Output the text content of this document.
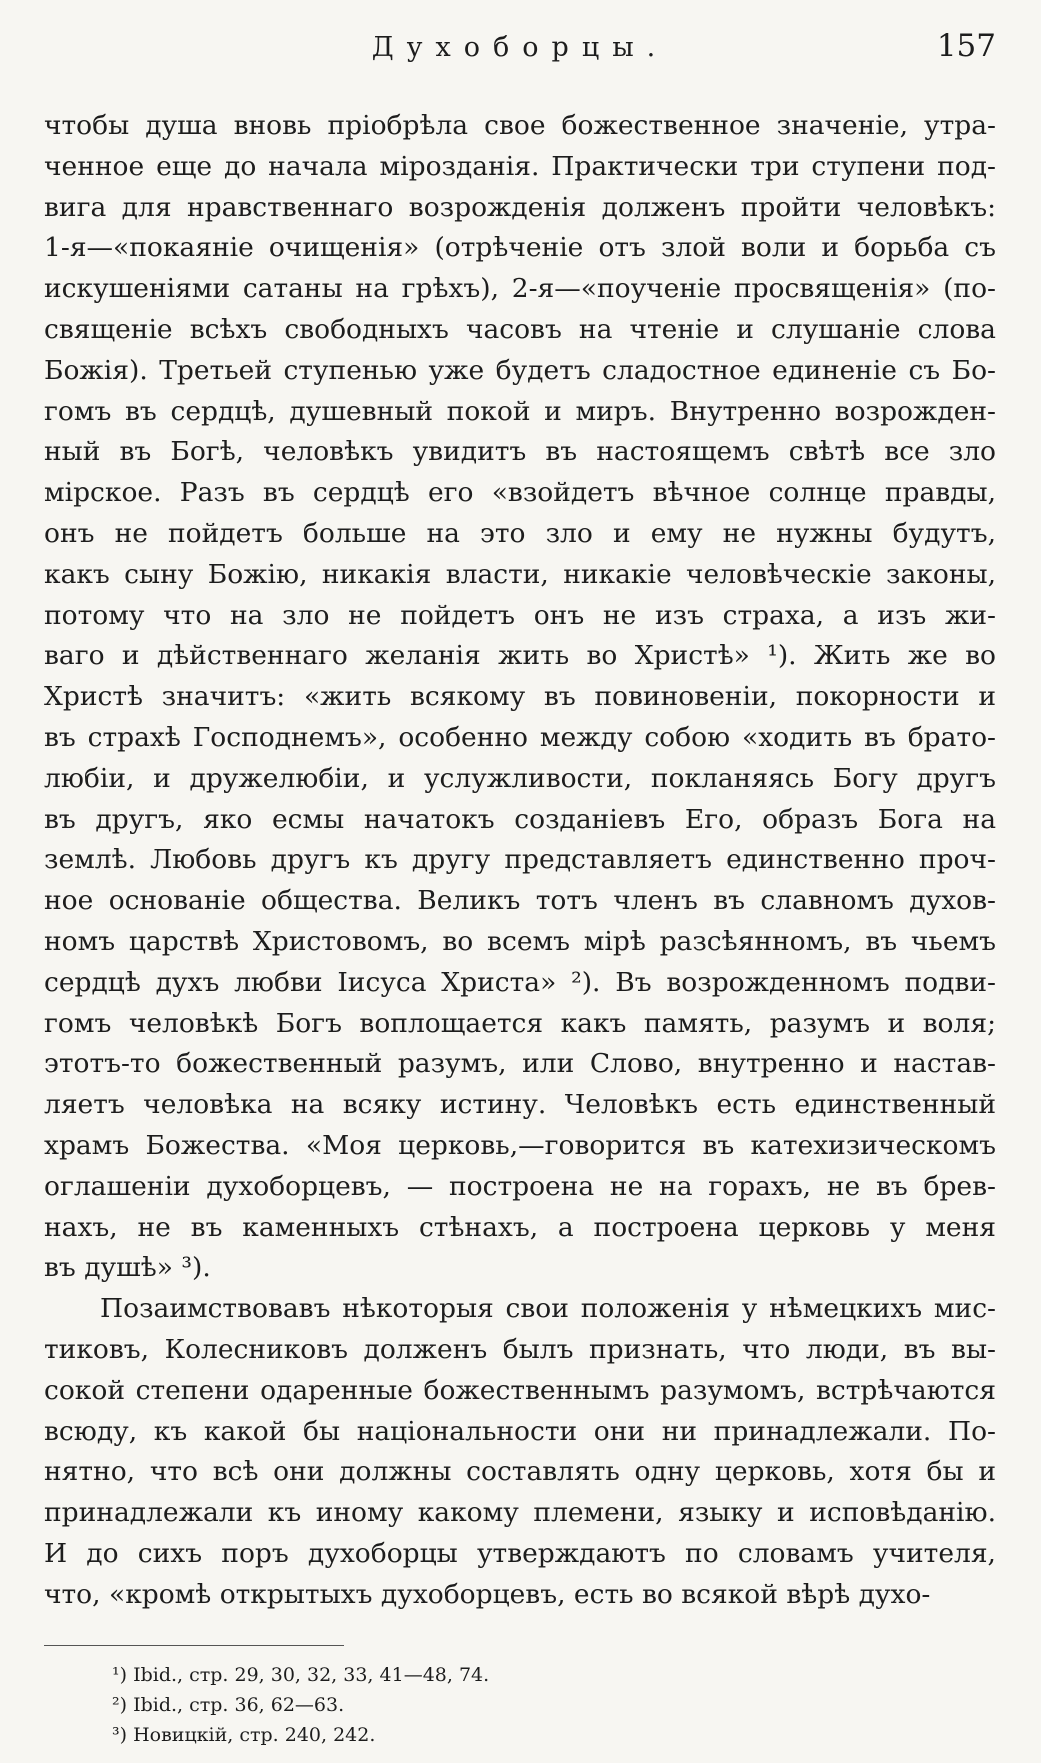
Духоборцы.	157
чтобы душа вновь пріобрѣла свое божественное значеніе, утра-
ченное еще до начала мірозданія. Практически три ступени под-
вига для нравственнаго возрожденія долженъ пройти человѣкъ:
1-я—«покаяніе очищенія» (отрѣченіе отъ злой воли и борьба съ
искушеніями сатаны на грѣхъ), 2-я—«поученіе просвященія» (по-
священіе всѣхъ свободныхъ часовъ на чтеніе и слушаніе слова
Божія). Третьей ступенью уже будетъ сладостное единеніе съ Бо-
гомъ въ сердцѣ, душевный покой и миръ. Внутренно возрожден-
ный въ Богѣ, человѣкъ увидитъ въ настоящемъ свѣтѣ все зло
мірское. Разъ въ сердцѣ его «взойдетъ вѣчное солнце правды,
онъ не пойдетъ больше на это зло и ему не нужны будутъ,
какъ сыну Божію, никакія власти, никакіе человѣческіе законы,
потому что на зло не пойдетъ онъ не изъ страха, а изъ жи-
ваго и дѣйственнаго желанія жить во Христѣ» ¹). Жить же во
Христѣ значитъ: «жить всякому въ повиновеніи, покорности и
въ страхѣ Господнемъ», особенно между собою «ходить въ брато-
любіи, и дружелюбіи, и услужливости, покланяясь Богу другъ
въ другъ, яко есмы начатокъ созданіевъ Его, образъ Бога на
землѣ. Любовь другъ къ другу представляетъ единственно проч-
ное основаніе общества. Великъ тотъ членъ въ славномъ духов-
номъ царствѣ Христовомъ, во всемъ мірѣ разсѣянномъ, въ чьемъ
сердцѣ духъ любви Іисуса Христа» ²). Въ возрожденномъ подви-
гомъ человѣкѣ Богъ воплощается какъ память, разумъ и воля;
этотъ-то божественный разумъ, или Слово, внутренно и настав-
ляетъ человѣка на всяку истину. Человѣкъ есть единственный
храмъ Божества. «Моя церковь,—говорится въ катехизическомъ
оглашеніи духоборцевъ, — построена не на горахъ, не въ брев-
нахъ, не въ каменныхъ стѣнахъ, а построена церковь у меня
въ душѣ» ³).
Позаимствовавъ нѣкоторыя свои положенія у нѣмецкихъ мис-
тиковъ, Колесниковъ долженъ былъ признать, что люди, въ вы-
сокой степени одаренные божественнымъ разумомъ, встрѣчаются
всюду, къ какой бы національности они ни принадлежали. По-
нятно, что всѣ они должны составлять одну церковь, хотя бы и
принадлежали къ иному какому племени, языку и исповѣданію.
И до сихъ поръ духоборцы утверждаютъ по словамъ учителя,
что, «кромѣ открытыхъ духоборцевъ, есть во всякой вѣрѣ духо-
¹) Ibid., стр. 29, 30, 32, 33, 41—48, 74.
²) Ibid., стр. 36, 62—63.
³) Новицкій, стр. 240, 242.
